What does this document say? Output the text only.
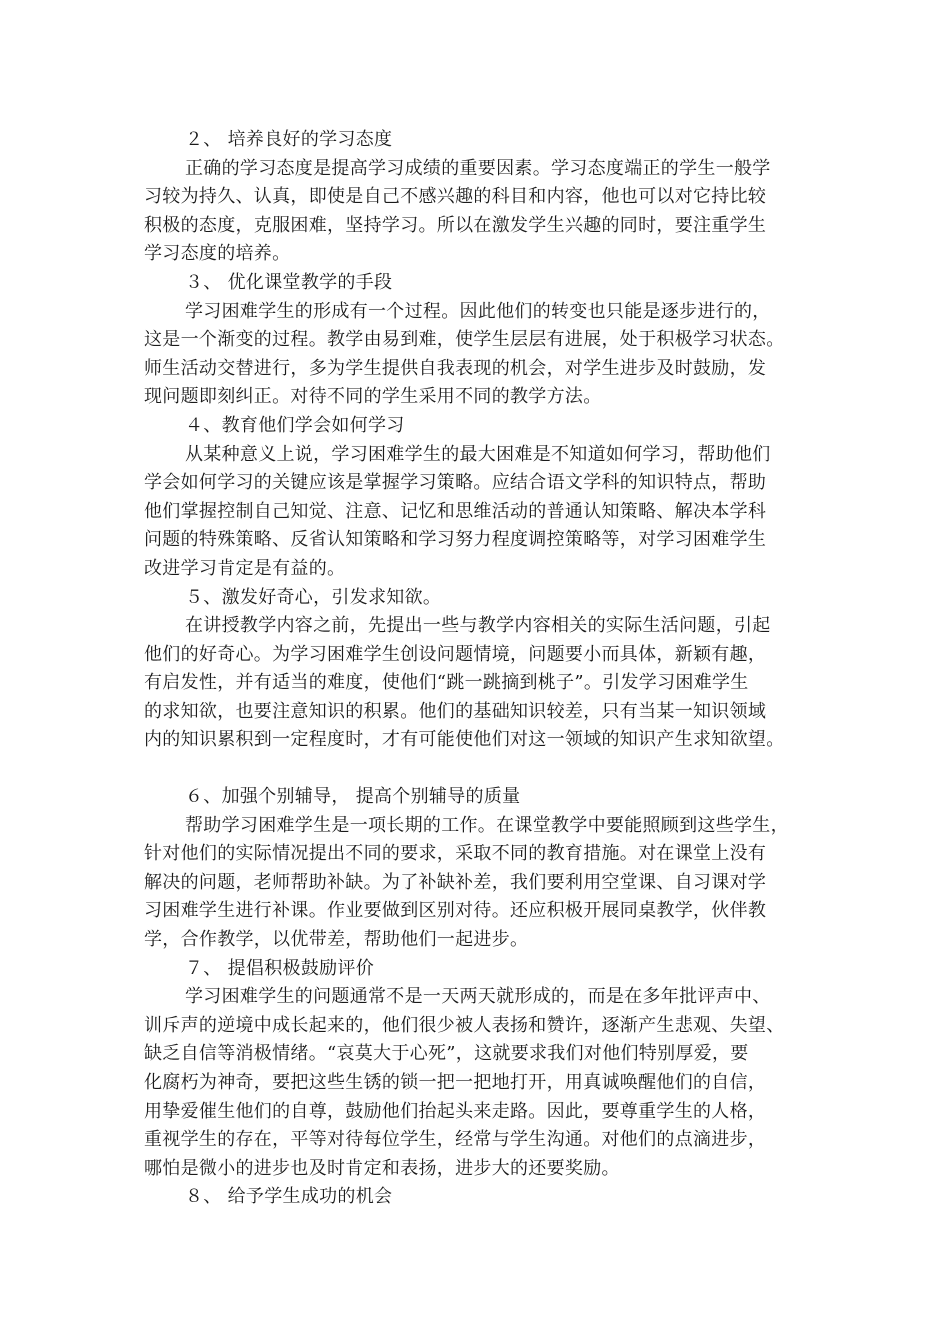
２、 培养良好的学习态度
正确的学习态度是提高学习成绩的重要因素。学习态度端正的学生一般学
习较为持久、认真，即使是自己不感兴趣的科目和内容，他也可以对它持比较
积极的态度，克服困难，坚持学习。所以在激发学生兴趣的同时，要注重学生
学习态度的培养。
３、 优化课堂教学的手段
学习困难学生的形成有一个过程。因此他们的转变也只能是逐步进行的，
这是一个渐变的过程。教学由易到难，使学生层层有进展，处于积极学习状态。
师生活动交替进行，多为学生提供自我表现的机会，对学生进步及时鼓励，发
现问题即刻纠正。对待不同的学生采用不同的教学方法。
４、教育他们学会如何学习
从某种意义上说，学习困难学生的最大困难是不知道如何学习，帮助他们
学会如何学习的关键应该是掌握学习策略。应结合语文学科的知识特点，帮助
他们掌握控制自己知觉、注意、记忆和思维活动的普通认知策略、解决本学科
问题的特殊策略、反省认知策略和学习努力程度调控策略等，对学习困难学生
改进学习肯定是有益的。
５、激发好奇心，引发求知欲。
在讲授教学内容之前，先提出一些与教学内容相关的实际生活问题，引起
他们的好奇心。为学习困难学生创设问题情境，问题要小而具体，新颖有趣，
有启发性，并有适当的难度，使他们“跳一跳摘到桃子”。引发学习困难学生
的求知欲，也要注意知识的积累。他们的基础知识较差，只有当某一知识领域
内的知识累积到一定程度时，才有可能使他们对这一领域的知识产生求知欲望。
６、加强个别辅导， 提高个别辅导的质量
帮助学习困难学生是一项长期的工作。在课堂教学中要能照顾到这些学生，
针对他们的实际情况提出不同的要求，采取不同的教育措施。对在课堂上没有
解决的问题，老师帮助补缺。为了补缺补差，我们要利用空堂课、自习课对学
习困难学生进行补课。作业要做到区别对待。还应积极开展同桌教学，伙伴教
学，合作教学，以优带差，帮助他们一起进步。
７、 提倡积极鼓励评价
学习困难学生的问题通常不是一天两天就形成的，而是在多年批评声中、
训斥声的逆境中成长起来的，他们很少被人表扬和赞许，逐渐产生悲观、失望、
缺乏自信等消极情绪。“哀莫大于心死”，这就要求我们对他们特别厚爱，要
化腐朽为神奇，要把这些生锈的锁一把一把地打开，用真诚唤醒他们的自信，
用挚爱催生他们的自尊，鼓励他们抬起头来走路。因此，要尊重学生的人格，
重视学生的存在，平等对待每位学生，经常与学生沟通。对他们的点滴进步，
哪怕是微小的进步也及时肯定和表扬，进步大的还要奖励。
８、 给予学生成功的机会
